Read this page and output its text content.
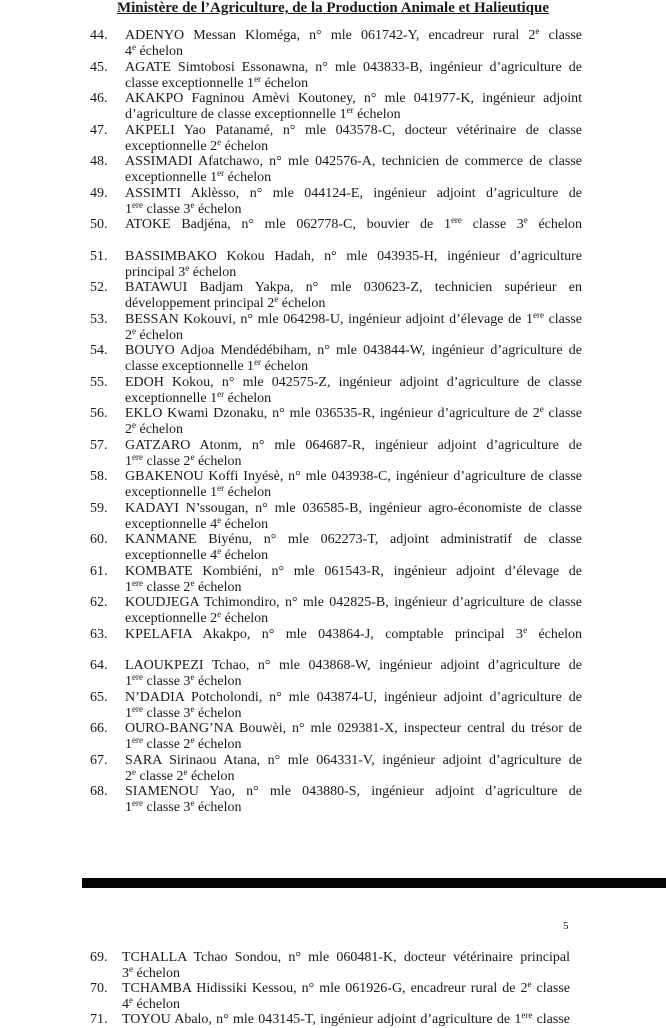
Ministère de l’Agriculture, de la Production Animale et Halieutique
44. ADENYO Messan Kloméga, n° mle 061742-Y, encadreur rural 2e classe
4e échelon
45. AGATE Simtobosi Essonawna, n° mle 043833-B, ingénieur d’agriculture de
classe exceptionnelle 1er échelon
46. AKAKPO Fagninou Amèvi Koutoney, n° mle 041977-K, ingénieur adjoint
d’agriculture de classe exceptionnelle 1er échelon
47. AKPELI Yao Patanamé, n° mle 043578-C, docteur vétérinaire de classe
exceptionnelle 2e échelon
48. ASSIMADI Afatchawo, n° mle 042576-A, technicien de commerce de classe
exceptionnelle 1er échelon
49. ASSIMTI Aklèsso, n° mle 044124-E, ingénieur adjoint d’agriculture de
1ere classe 3e échelon
50. ATOKE Badjéna, n° mle 062778-C, bouvier de 1ere classe 3e échelon
51. BASSIMBAKO Kokou Hadah, n° mle 043935-H, ingénieur d’agriculture
principal 3e échelon
52. BATAWUI Badjam Yakpa, n° mle 030623-Z, technicien supérieur en
développement principal 2e échelon
53. BESSAN Kokouvi, n° mle 064298-U, ingénieur adjoint d’élevage de 1ere classe
2e échelon
54. BOUYO Adjoa Mendédébiham, n° mle 043844-W, ingénieur d’agriculture de
classe exceptionnelle 1er échelon
55. EDOH Kokou, n° mle 042575-Z, ingénieur adjoint d’agriculture de classe
exceptionnelle 1er échelon
56. EKLO Kwami Dzonaku, n° mle 036535-R, ingénieur d’agriculture de 2e classe
2e échelon
57. GATZARO Atonm, n° mle 064687-R, ingénieur adjoint d’agriculture de
1ere classe 2e échelon
58. GBAKENOU Koffi Inyésè, n° mle 043938-C, ingénieur d’agriculture de classe
exceptionnelle 1er échelon
59. KADAYI N’ssougan, n° mle 036585-B, ingénieur agro-économiste de classe
exceptionnelle 4e échelon
60. KANMANE Biyénu, n° mle 062273-T, adjoint administratif de classe
exceptionnelle 4e échelon
61. KOMBATE Kombiéni, n° mle 061543-R, ingénieur adjoint d’élevage de
1ere classe 2e échelon
62. KOUDJEGA Tchimondiro, n° mle 042825-B, ingénieur d’agriculture de classe
exceptionnelle 2e échelon
63. KPELAFIA Akakpo, n° mle 043864-J, comptable principal 3e échelon
64. LAOUKPEZI Tchao, n° mle 043868-W, ingénieur adjoint d’agriculture de
1ere classe 3e échelon
65. N’DADIA Potcholondi, n° mle 043874-U, ingénieur adjoint d’agriculture de
1ere classe 3e échelon
66. OURO-BANG’NA Bouwèi, n° mle 029381-X, inspecteur central du trésor de
1ere classe 2e échelon
67. SARA Sirinaou Atana, n° mle 064331-V, ingénieur adjoint d’agriculture de
2e classe 2e échelon
68. SIAMENOU Yao, n° mle 043880-S, ingénieur adjoint d’agriculture de
1ere classe 3e échelon
5
69. TCHALLA Tchao Sondou, n° mle 060481-K, docteur vétérinaire principal
3e échelon
70. TCHAMBA Hidissiki Kessou, n° mle 061926-G, encadreur rural de 2e classe
4e échelon
71. TOYOU Abalo, n° mle 043145-T, ingénieur adjoint d’agriculture de 1ere classe
